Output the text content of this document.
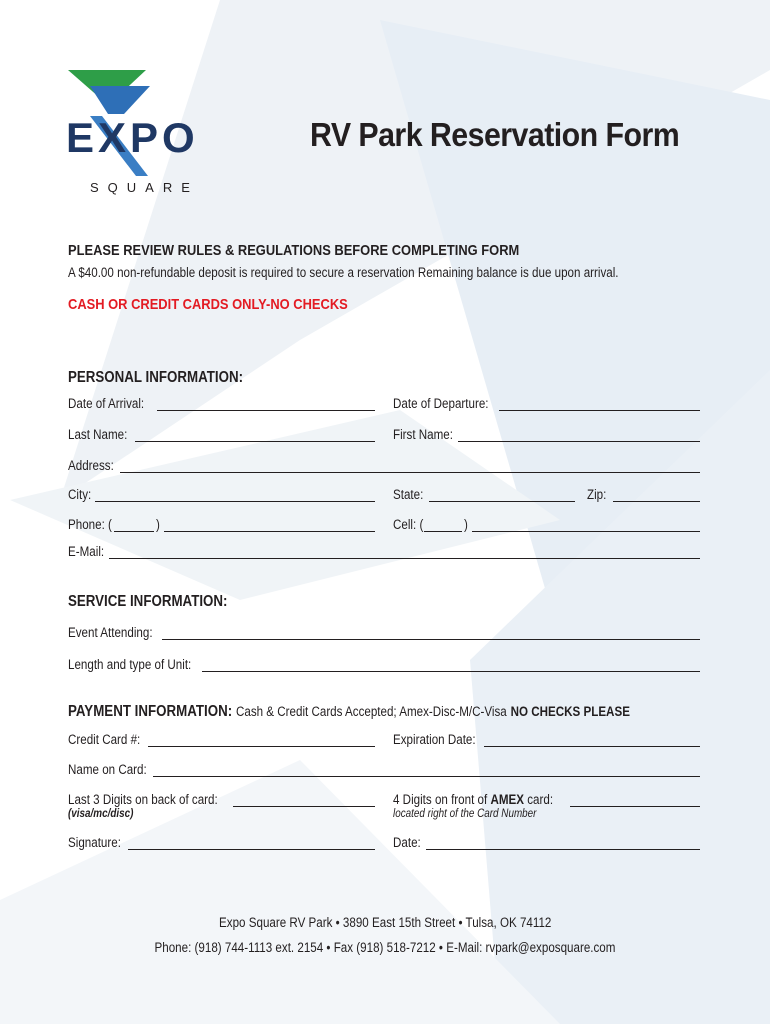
EXPO
SQUARE
RV Park Reservation Form
PLEASE REVIEW RULES & REGULATIONS BEFORE COMPLETING FORM
A $40.00 non-refundable deposit is required to secure a reservation Remaining balance is due upon arrival.
CASH OR CREDIT CARDS ONLY-NO CHECKS
PERSONAL INFORMATION:
Date of Arrival:	Date of Departure:
Last Name:	First Name:
Address:
City:	State:	Zip:
Phone: (	)	Cell: (	)
E-Mail:
SERVICE INFORMATION:
Event Attending:
Length and type of Unit:
PAYMENT INFORMATION: Cash & Credit Cards Accepted; Amex-Disc-M/C-Visa NO CHECKS PLEASE
Credit Card #:	Expiration Date:
Name on Card:
Last 3 Digits on back of card:
(visa/mc/disc)
4 Digits on front of AMEX card:
located right of the Card Number
Signature:	Date:
Expo Square RV Park • 3890 East 15th Street • Tulsa, OK 74112
Phone: (918) 744-1113 ext. 2154 • Fax (918) 518-7212 • E-Mail: rvpark@exposquare.com
